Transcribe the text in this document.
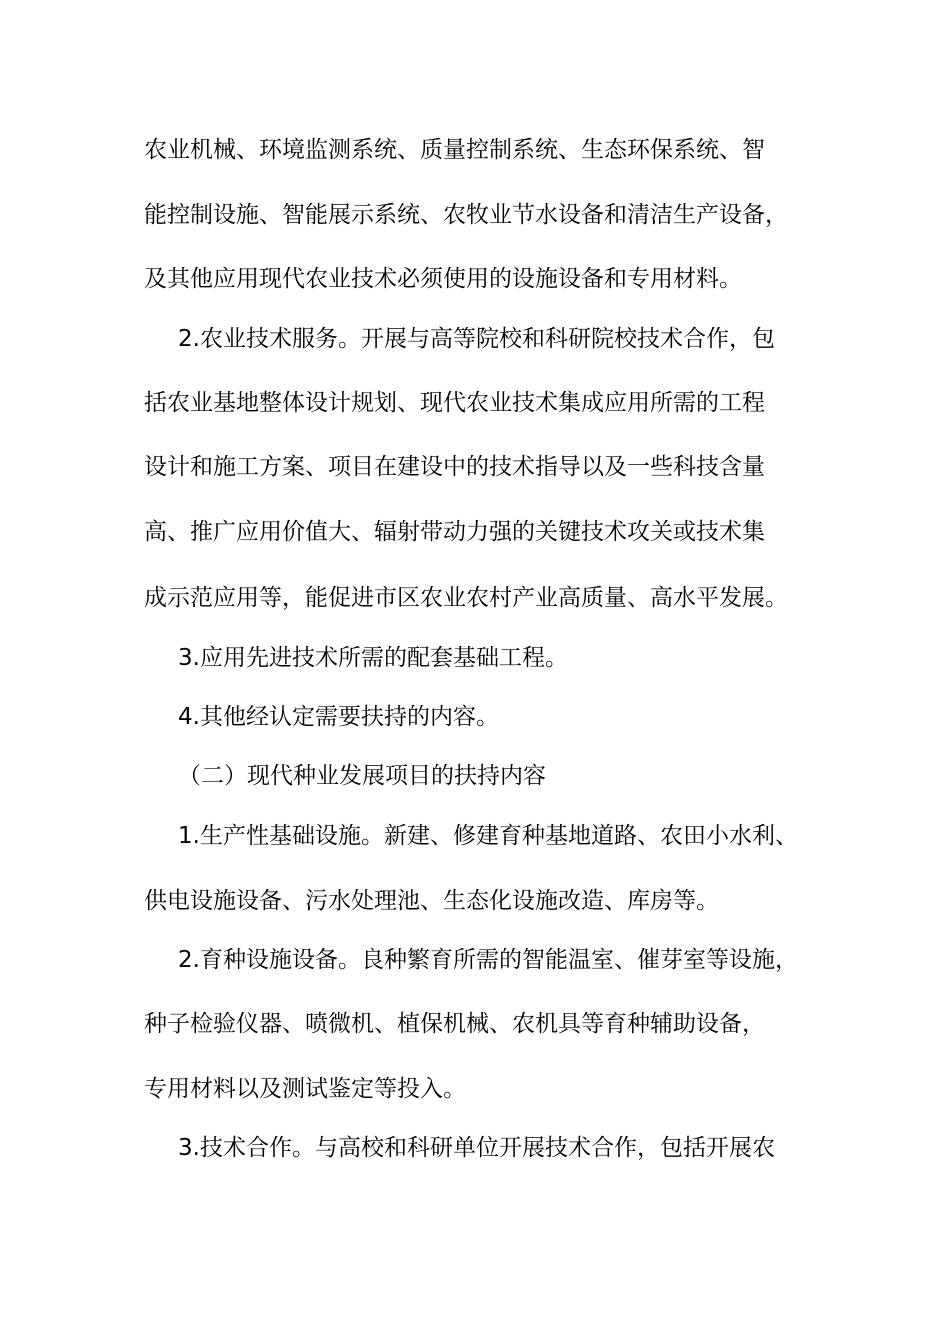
农业机械、环境监测系统、质量控制系统、生态环保系统、智
能控制设施、智能展示系统、农牧业节水设备和清洁生产设备，
及其他应用现代农业技术必须使用的设施设备和专用材料。
2.农业技术服务。开展与高等院校和科研院校技术合作，包
括农业基地整体设计规划、现代农业技术集成应用所需的工程
设计和施工方案、项目在建设中的技术指导以及一些科技含量
高、推广应用价值大、辐射带动力强的关键技术攻关或技术集
成示范应用等，能促进市区农业农村产业高质量、高水平发展。
3.应用先进技术所需的配套基础工程。
4.其他经认定需要扶持的内容。
（二）现代种业发展项目的扶持内容
1.生产性基础设施。新建、修建育种基地道路、农田小水利、
供电设施设备、污水处理池、生态化设施改造、库房等。
2.育种设施设备。良种繁育所需的智能温室、催芽室等设施，
种子检验仪器、喷微机、植保机械、农机具等育种辅助设备，
专用材料以及测试鉴定等投入。
3.技术合作。与高校和科研单位开展技术合作，包括开展农
